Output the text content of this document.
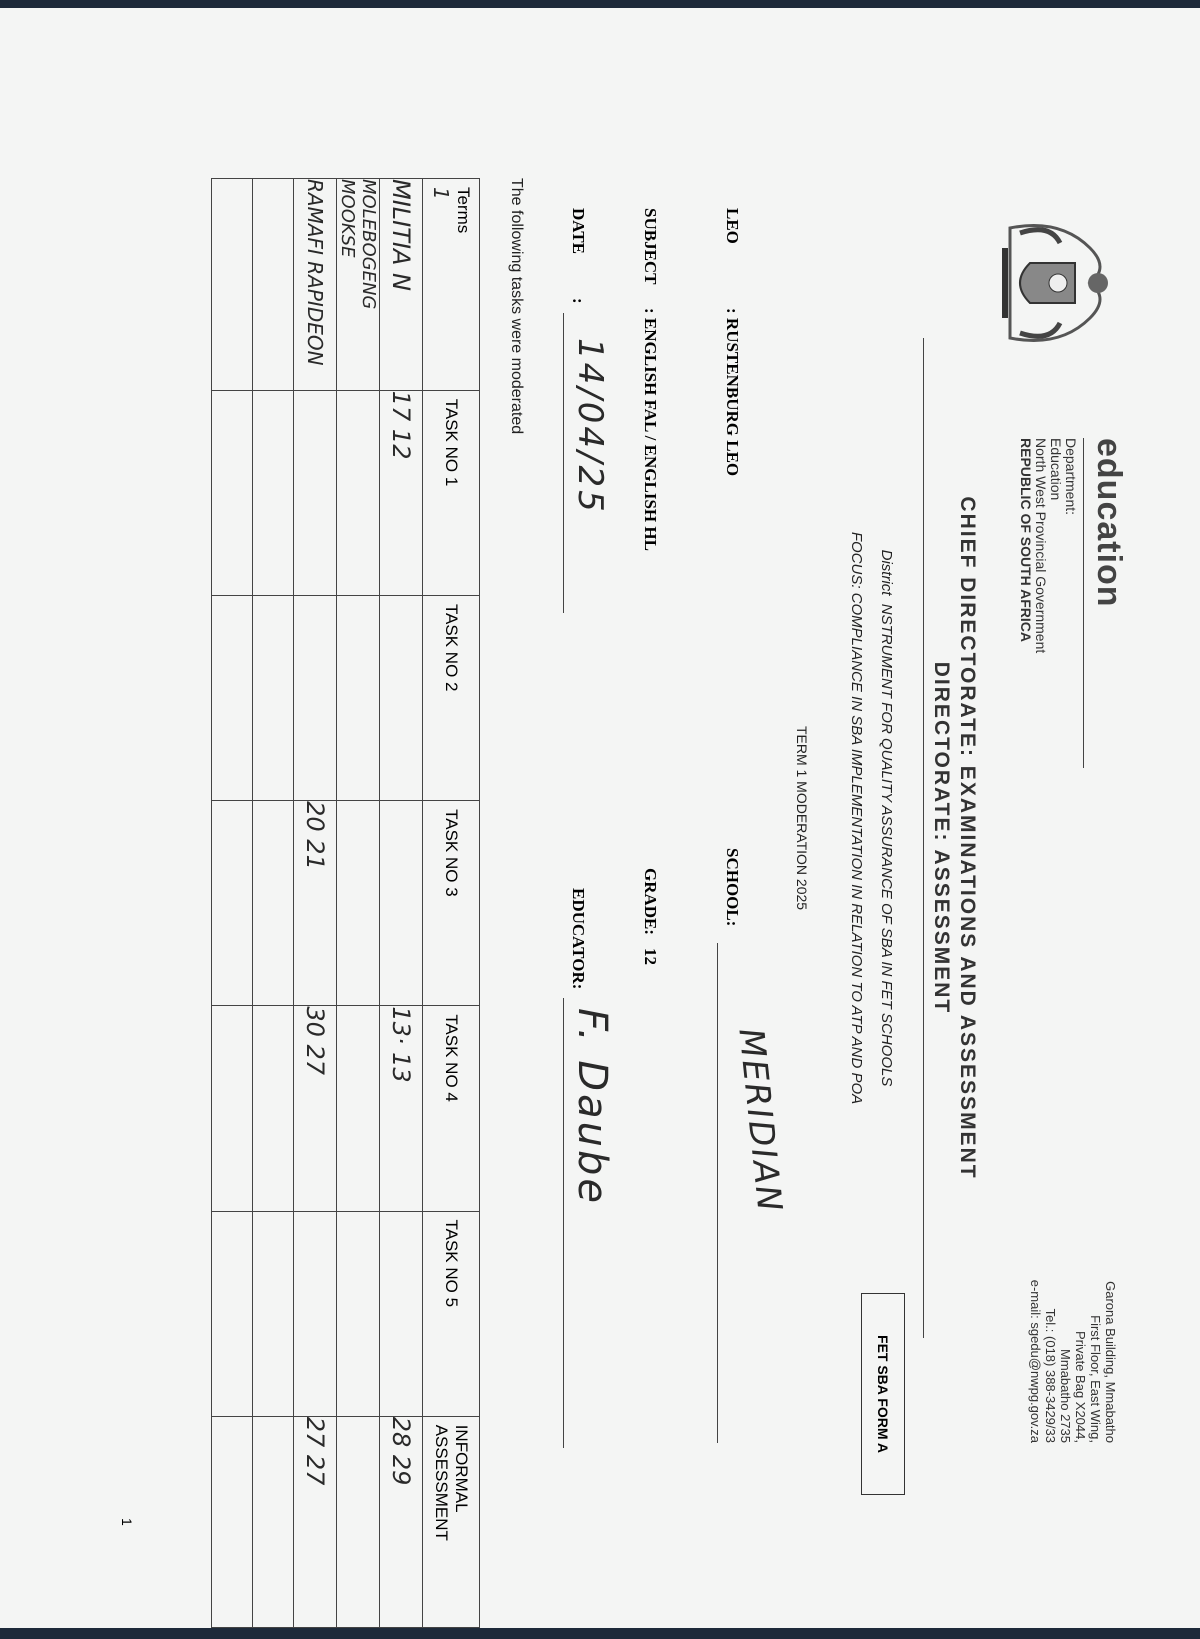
education
Department:
Education
North West Provincial Government
REPUBLIC OF SOUTH AFRICA
Garona Building, Mmabatho
First Floor, East Wing,
Private Bag X2044,
Mmabatho 2735
Tel.: (018) 388-3429/33
e-mail: sgedu@nwpg.gov.za
CHIEF DIRECTORATE: EXAMINATIONS AND ASSESSMENT
DIRECTORATE: ASSESSMENT
FET SBA FORM A
District  NSTRUMENT FOR QUALITY ASSURANCE OF SBA IN FET SCHOOLS
FOCUS: COMPLIANCE IN SBA IMPLEMENTATION IN RELATION TO ATP AND POA
TERM 1 MODERATION 2025
LEO
: RUSTENBURG LEO
SCHOOL:
MERIDIAN
SUBJECT
: ENGLISH FAL / ENGLISH HL
GRADE:
12
DATE
:
14/04/25
EDUCATOR:
F. Daube
The following tasks were moderated
Terms
1	TASK NO 1	TASK NO 2	TASK NO 3	TASK NO 4	TASK NO 5	INFORMAL ASSESSMENT
MILITIA N	17 12			13· 13		28 29
MOLEBOGENG MOOKSE						
RAMAFI RAPIDEON			20 21	30 27		27 27

1
